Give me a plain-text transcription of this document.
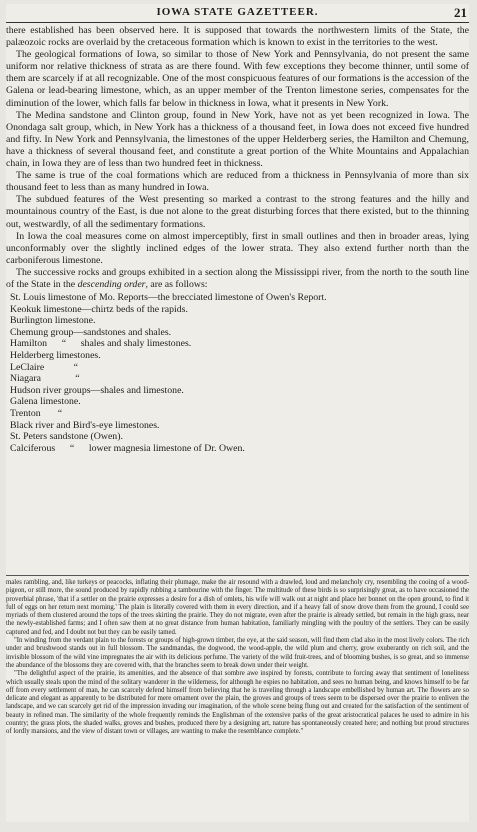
IOWA STATE GAZETTEER.	21

there established has been observed here. It is supposed that towards the northwestern limits of the State, the palæozoic rocks are overlaid by the cretaceous formation which is known to exist in the territories to the west.

The geological formations of Iowa, so similar to those of New York and Pennsylvania, do not present the same uniform nor relative thickness of strata as are there found. With few exceptions they become thinner, until some of them are scarcely if at all recognizable. One of the most conspicuous features of our formations is the accession of the Galena or lead-bearing limestone, which, as an upper member of the Trenton limestone series, compensates for the diminution of the lower, which falls far below in thickness in Iowa, what it presents in New York.

The Medina sandstone and Clinton group, found in New York, have not as yet been recognized in Iowa. The Onondaga salt group, which, in New York has a thickness of a thousand feet, in Iowa does not exceed five hundred and fifty. In New York and Pennsylvania, the limestones of the upper Helderberg series, the Hamilton and Chemung, have a thickness of several thousand feet, and constitute a great portion of the White Mountains and Appalachian chain, in Iowa they are of less than two hundred feet in thickness.

The same is true of the coal formations which are reduced from a thickness in Pennsylvania of more than six thousand feet to less than as many hundred in Iowa.

The subdued features of the West presenting so marked a contrast to the strong features and the hilly and mountainous country of the East, is due not alone to the great disturbing forces that there existed, but to the thinning out, westwardly, of all the sedimentary formations.

In Iowa the coal measures come on almost imperceptibly, first in small outlines and then in broader areas, lying unconformably over the slightly inclined edges of the lower strata. They also extend further north than the carboniferous limestone.

The successive rocks and groups exhibited in a section along the Mississippi river, from the north to the south line of the State in the descending order, are as follows:

St. Louis limestone of Mo. Reports—the brecciated limestone of Owen's Report.
Keokuk limestone—chirtz beds of the rapids.
Burlington limestone.
Chemung group—sandstones and shales.
Hamilton      “      shales and shaly limestones.
Helderberg limestones.
LeClaire            “
Niagara              “
Hudson river groups—shales and limestone.
Galena limestone.
Trenton       “
Black river and Bird's-eye limestones.
St. Peters sandstone (Owen).
Calciferous      “      lower magnesia limestone of Dr. Owen.

males rambling, and, like turkeys or peacocks, inflating their plumage, make the air resound with a drawled, loud and melancholy cry, resembling the cooing of a wood-pigeon, or still more, the sound produced by rapidly rubbing a tambourine with the finger. The multitude of these birds is so surprisingly great, as to have occasioned the proverbial phrase, 'that if a settler on the prairie expresses a desire for a dish of omlets, his wife will walk out at night and place her bonnet on the open ground, to find it full of eggs on her return next morning.' The plain is literally covered with them in every direction, and if a heavy fall of snow drove them from the ground, I could see myriads of them clustered around the tops of the trees skirting the prairie. They do not migrate, even after the prairie is already settled, but remain in the high grass, near the newly-established farms; and I often saw them at no great distance from human habitation, familiarly mingling with the poultry of the settlers. They can be easily captured and fed, and I doubt not but they can be easily tamed.

"In winding from the verdant plain to the forests or groups of high-grown timber, the eye, at the said season, will find them clad also in the most lively colors. The rich under and brushwood stands out in full blossom. The sandmandas, the dogwood, the wood-apple, the wild plum and cherry, grow exuberantly on rich soil, and the invisible blossom of the wild vine impregnates the air with its delicious perfume. The variety of the wild fruit-trees, and of blooming bushes, is so great, and so immense the abundance of the blossoms they are covered with, that the branches seem to break down under their weight.

"The delightful aspect of the prairie, its amenities, and the absence of that sombre awe inspired by forests, contribute to forcing away that sentiment of loneliness which usually steals upon the mind of the solitary wanderer in the wilderness, for although he espies no habitation, and sees no human being, and knows himself to be far off from every settlement of man, he can scarcely defend himself from believing that he is traveling through a landscape embellished by human art. The flowers are so delicate and elegant as apparently to be distributed for mere ornament over the plain, the groves and groups of trees seem to be dispersed over the prairie to enliven the landscape, and we can scarcely get rid of the impression invading our imagination, of the whole scene being flung out and created for the satisfaction of the sentiment of beauty in refined man. The similarity of the whole frequently reminds the Englishman of the extensive parks of the great aristocratical palaces he used to admire in his country; the grass plots, the shaded walks, groves and bushes, produced there by a designing art, nature has spontaneously created here; and nothing but proud structures of lordly mansions, and the view of distant town or villages, are wanting to make the resemblance complete."
